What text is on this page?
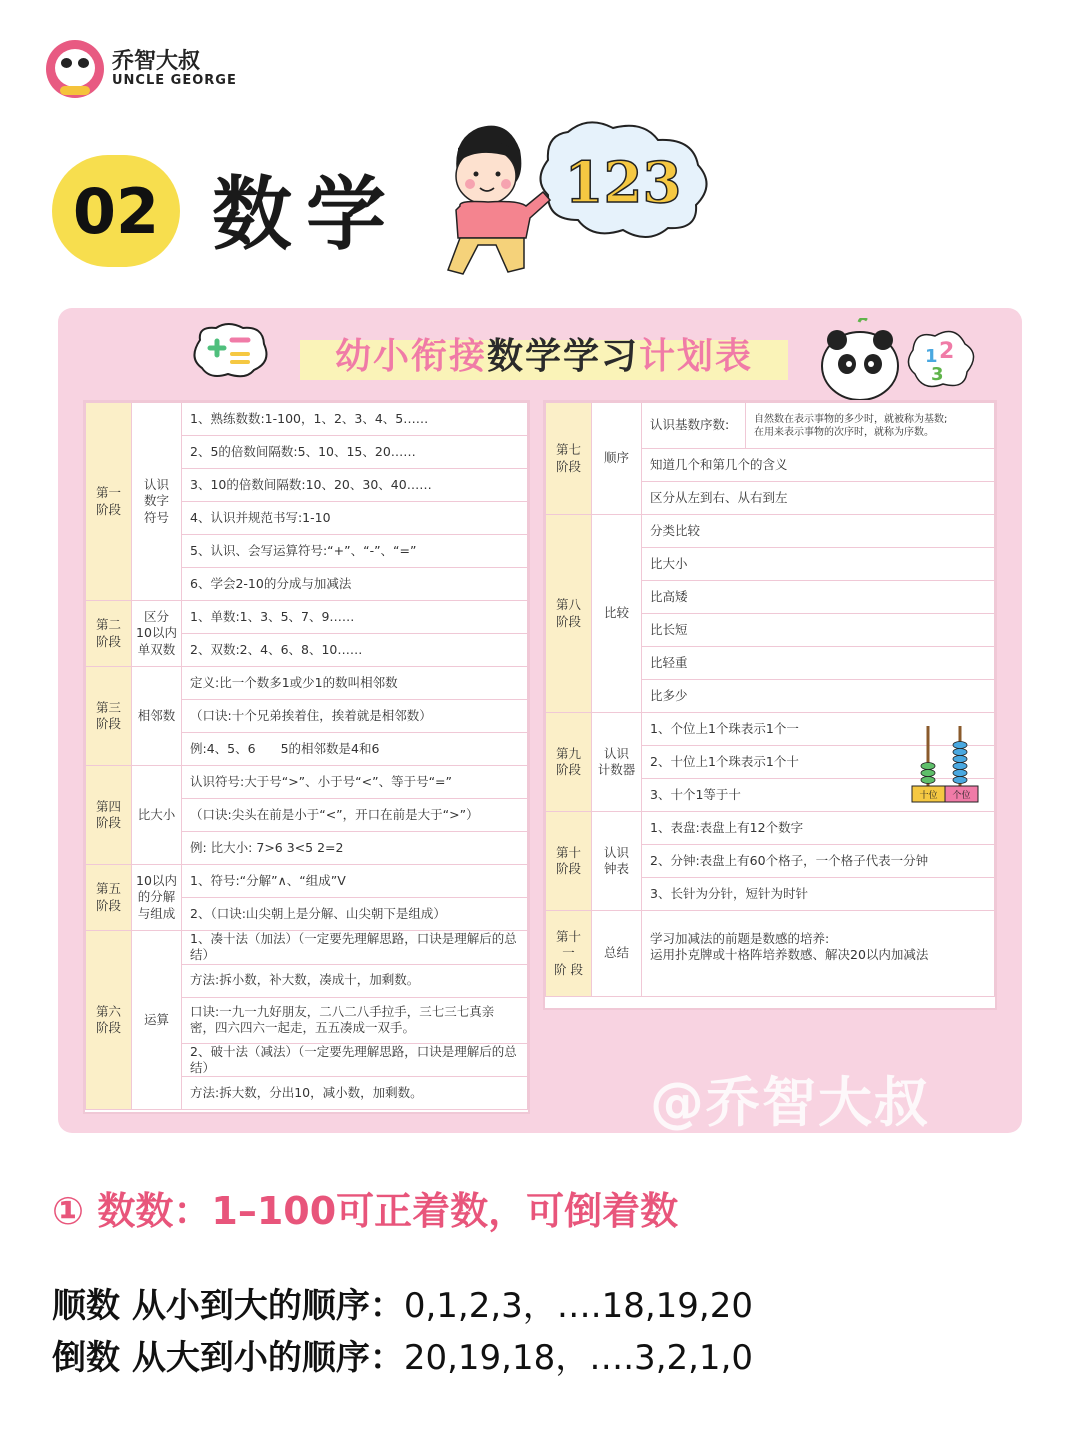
乔智大叔
UNCLE GEORGE
02 数学	123
幼小衔接数学学习计划表	1 2
3
第一
阶段	认识
数字
符号	1、熟练数数:1-100，1、2、3、4、5……
		2、5的倍数间隔数:5、10、15、20……
		3、10的倍数间隔数:10、20、30、40……
		4、认识并规范书写:1-10
		5、认识、会写运算符号:“+”、“-”、“=”
		6、学会2-10的分成与加减法
第二
阶段	区分
10以内
单双数	1、单数:1、3、5、7、9……
		2、双数:2、4、6、8、10……
第三
阶段	相邻数	定义:比一个数多1或少1的数叫相邻数
		（口诀:十个兄弟挨着住，挨着就是相邻数）
		例:4、5、6　　5的相邻数是4和6
第四
阶段	比大小	认识符号:大于号“>”、小于号“<”、等于号“=”
		（口诀:尖头在前是小于“<”，开口在前是大于“>”）
		例: 比大小: 7>6 3<5 2=2
第五
阶段	10以内
的分解
与组成	1、符号:“分解”∧、“组成”V
		2、（口诀:山尖朝上是分解、山尖朝下是组成）
第六
阶段	运算	1、凑十法（加法）（一定要先理解思路，口诀是理解后的总结）
		方法:拆小数，补大数，凑成十，加剩数。
		口诀:一九一九好朋友，二八二八手拉手，三七三七真亲密，四六四六一起走，五五凑成一双手。
		2、破十法（减法）（一定要先理解思路，口诀是理解后的总结）
		方法:拆大数，分出10，减小数，加剩数。
第七
阶段	顺序	认识基数序数:	自然数在表示事物的多少时，就被称为基数;
在用来表示事物的次序时，就称为序数。
		知道几个和第几个的含义	
		区分从左到右、从右到左	
第八
阶段	比较	分类比较	
		比大小	
		比高矮	
		比长短	
		比轻重	
		比多少	
第九
阶段	认识
计数器	1、个位上1个珠表示1个一	
		2、十位上1个珠表示1个十	
		3、十个1等于十	
第十
阶段	认识
钟表	1、表盘:表盘上有12个数字	
		2、分钟:表盘上有60个格子，一个格子代表一分钟	
		3、长针为分针，短针为时针	
第十一
阶 段	总结	学习加减法的前题是数感的培养:
运用扑克牌或十格阵培养数感、解决20以内加减法	
十位 个位
@乔智大叔
① 数数：1–100可正着数，可倒着数
顺数 从小到大的顺序：0,1,2,3，….18,19,20
倒数 从大到小的顺序：20,19,18，….3,2,1,0
